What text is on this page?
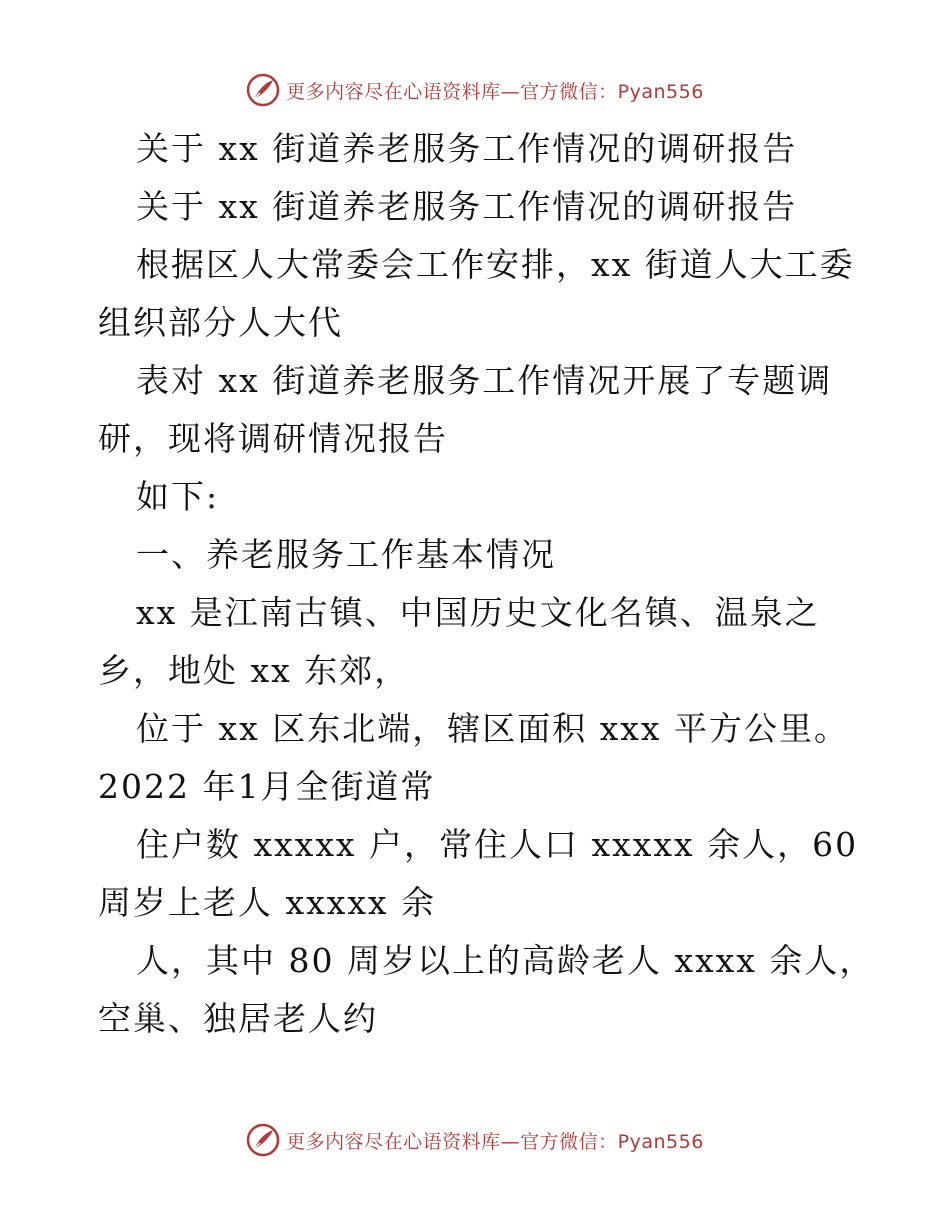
更多内容尽在心语资料库—官方微信：Pyan556
关于 xx 街道养老服务工作情况的调研报告
关于 xx 街道养老服务工作情况的调研报告
根据区人大常委会工作安排，xx 街道人大工委
组织部分人大代
表对 xx 街道养老服务工作情况开展了专题调
研，现将调研情况报告
如下:
一、养老服务工作基本情况
xx 是江南古镇、中国历史文化名镇、温泉之
乡，地处 xx 东郊，
位于 xx 区东北端，辖区面积 xxx 平方公里。
2022 年1月全街道常
住户数 xxxxx 户，常住人口 xxxxx 余人，60
周岁上老人 xxxxx 余
人，其中 80 周岁以上的高龄老人 xxxx 余人，
空巢、独居老人约
更多内容尽在心语资料库—官方微信：Pyan556
